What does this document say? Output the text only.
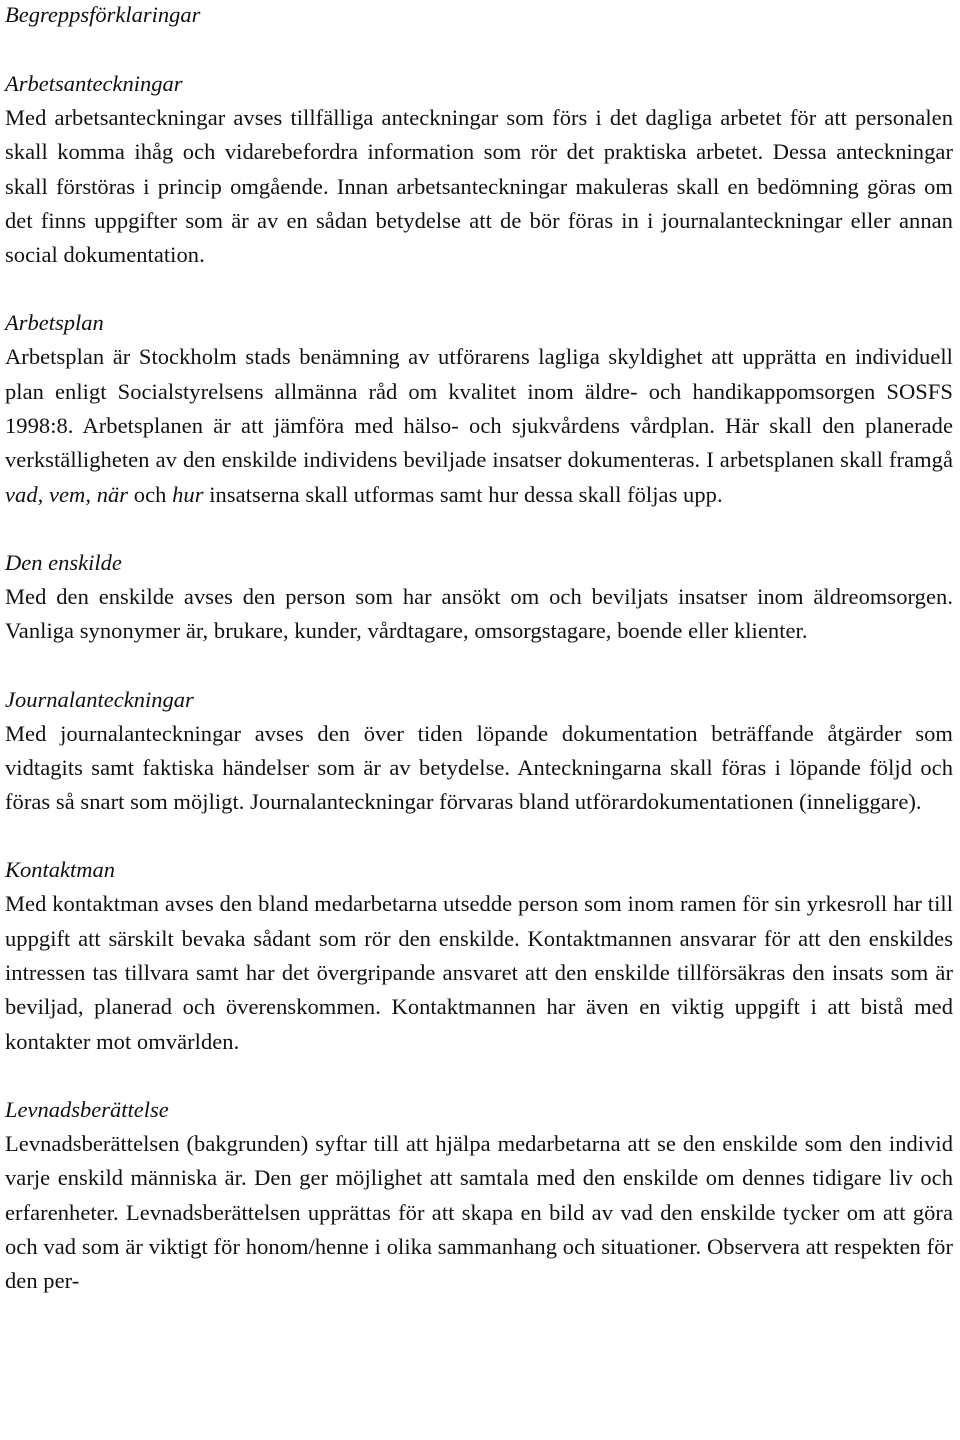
Begreppsförklaringar
Arbetsanteckningar

Med arbetsanteckningar avses tillfälliga anteckningar som förs i det dagliga arbetet för att personalen skall komma ihåg och vidarebefordra information som rör det praktiska arbetet. Dessa anteckningar skall förstöras i princip omgående. Innan arbetsanteckningar makuleras skall en bedömning göras om det finns uppgifter som är av en sådan betydelse att de bör föras in i journalanteckningar eller annan social dokumentation.

Arbetsplan

Arbetsplan är Stockholm stads benämning av utförarens lagliga skyldighet att upprätta en individuell plan enligt Socialstyrelsens allmänna råd om kvalitet inom äldre- och handikappomsorgen SOSFS 1998:8. Arbetsplanen är att jämföra med hälso- och sjukvårdens vårdplan. Här skall den planerade verkställigheten av den enskilde individens beviljade insatser dokumenteras. I arbetsplanen skall framgå vad, vem, när och hur insatserna skall utformas samt hur dessa skall följas upp.

Den enskilde

Med den enskilde avses den person som har ansökt om och beviljats insatser inom äldreomsorgen. Vanliga synonymer är, brukare, kunder, vårdtagare, omsorgstagare, boende eller klienter.

Journalanteckningar

Med journalanteckningar avses den över tiden löpande dokumentation beträffande åtgärder som vidtagits samt faktiska händelser som är av betydelse. Anteckningarna skall föras i löpande följd och föras så snart som möjligt. Journalanteckningar förvaras bland utförardokumentationen (inneliggare).

Kontaktman

Med kontaktman avses den bland medarbetarna utsedde person som inom ramen för sin yrkesroll har till uppgift att särskilt bevaka sådant som rör den enskilde. Kontaktmannen ansvarar för att den enskildes intressen tas tillvara samt har det övergripande ansvaret att den enskilde tillförsäkras den insats som är beviljad, planerad och överenskommen. Kontaktmannen har även en viktig uppgift i att bistå med kontakter mot omvärlden.

Levnadsberättelse

Levnadsberättelsen (bakgrunden) syftar till att hjälpa medarbetarna att se den enskilde som den individ varje enskild människa är. Den ger möjlighet att samtala med den enskilde om dennes tidigare liv och erfarenheter. Levnadsberättelsen upprättas för att skapa en bild av vad den enskilde tycker om att göra och vad som är viktigt för honom/henne i olika sammanhang och situationer. Observera att respekten för den per-
